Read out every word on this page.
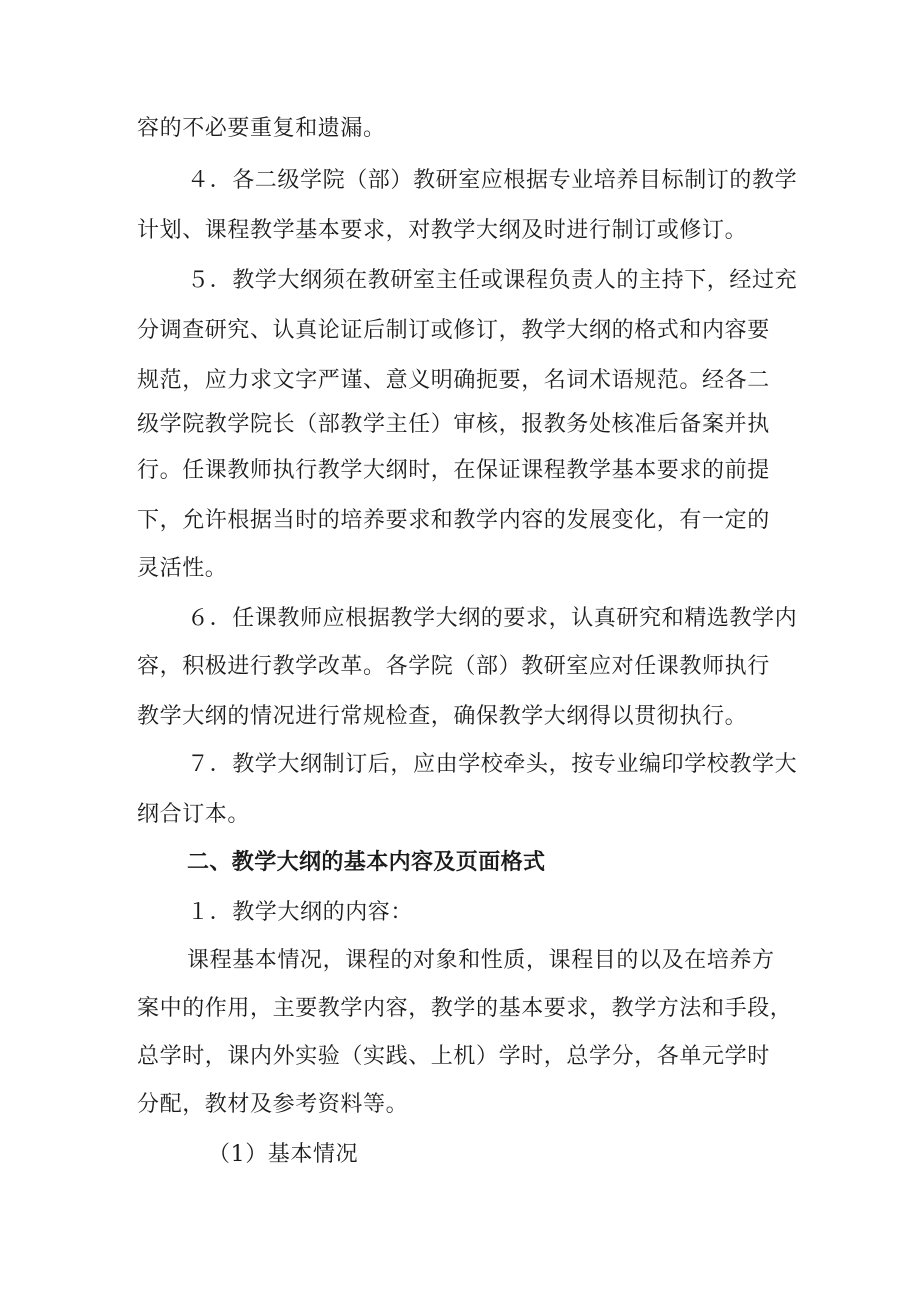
容的不必要重复和遗漏。
４．各二级学院（部）教研室应根据专业培养目标制订的教学
计划、课程教学基本要求，对教学大纲及时进行制订或修订。
５．教学大纲须在教研室主任或课程负责人的主持下，经过充
分调查研究、认真论证后制订或修订，教学大纲的格式和内容要
规范，应力求文字严谨、意义明确扼要，名词术语规范。经各二
级学院教学院长（部教学主任）审核，报教务处核准后备案并执
行。任课教师执行教学大纲时，在保证课程教学基本要求的前提
下，允许根据当时的培养要求和教学内容的发展变化，有一定的
灵活性。
６．任课教师应根据教学大纲的要求，认真研究和精选教学内
容，积极进行教学改革。各学院（部）教研室应对任课教师执行
教学大纲的情况进行常规检查，确保教学大纲得以贯彻执行。
７．教学大纲制订后，应由学校牵头，按专业编印学校教学大
纲合订本。
二、教学大纲的基本内容及页面格式
１．教学大纲的内容：
课程基本情况，课程的对象和性质，课程目的以及在培养方
案中的作用，主要教学内容，教学的基本要求，教学方法和手段，
总学时，课内外实验（实践、上机）学时，总学分，各单元学时
分配，教材及参考资料等。
（1）基本情况
